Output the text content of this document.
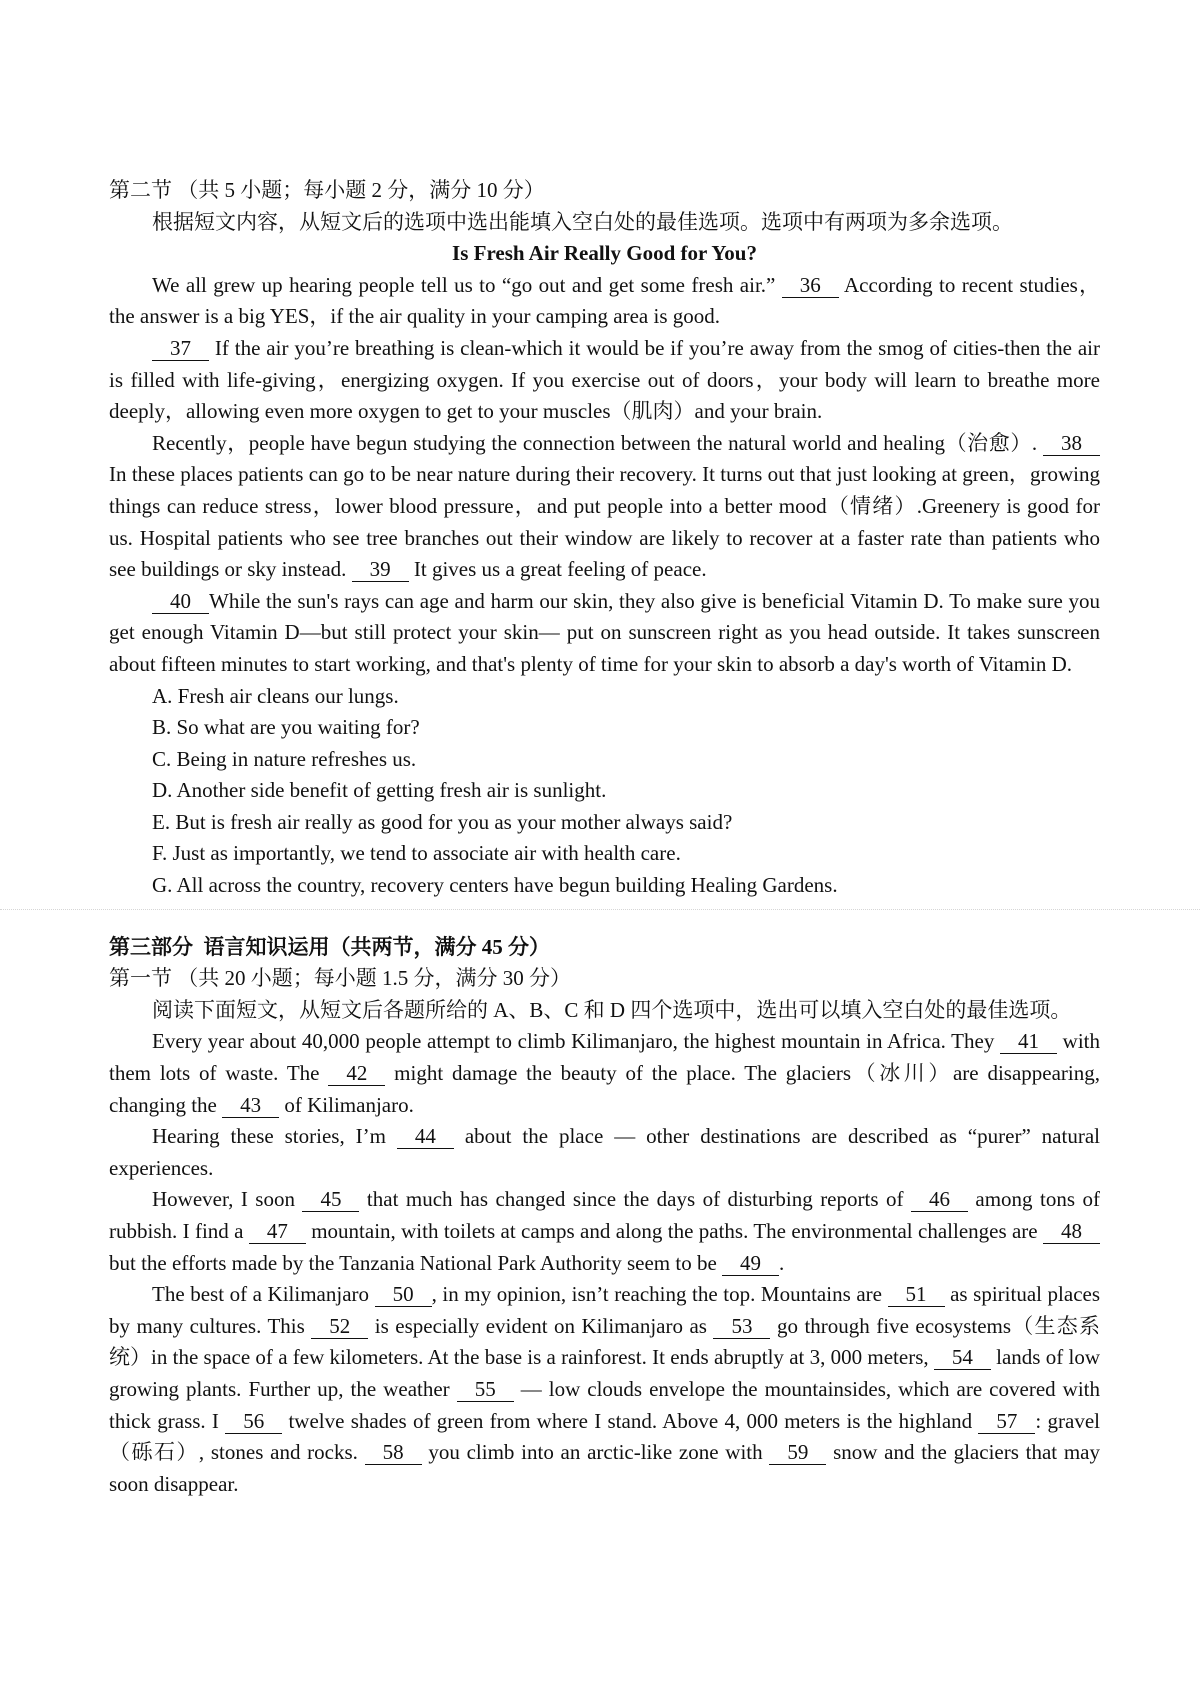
第二节 （共 5 小题；每小题 2 分，满分 10 分）
根据短文内容，从短文后的选项中选出能填入空白处的最佳选项。选项中有两项为多余选项。
Is Fresh Air Really Good for You?

We all grew up hearing people tell us to “go out and get some fresh air.” 36 According to recent studies，the answer is a big YES，if the air quality in your camping area is good.

37 If the air you’re breathing is clean-which it would be if you’re away from the smog of cities-then the air is filled with life-giving，energizing oxygen. If you exercise out of doors，your body will learn to breathe more deeply，allowing even more oxygen to get to your muscles（肌肉）and your brain.

Recently，people have begun studying the connection between the natural world and healing（治愈）. 38 In these places patients can go to be near nature during their recovery. It turns out that just looking at green，growing things can reduce stress，lower blood pressure，and put people into a better mood（情绪）.Greenery is good for us. Hospital patients who see tree branches out their window are likely to recover at a faster rate than patients who see buildings or sky instead. 39 It gives us a great feeling of peace.

40 While the sun's rays can age and harm our skin, they also give is beneficial Vitamin D. To make sure you get enough Vitamin D—but still protect your skin— put on sunscreen right as you head outside. It takes sunscreen about fifteen minutes to start working, and that's plenty of time for your skin to absorb a day's worth of Vitamin D.

A. Fresh air cleans our lungs.
B. So what are you waiting for?
C. Being in nature refreshes us.
D. Another side benefit of getting fresh air is sunlight.
E. But is fresh air really as good for you as your mother always said?
F. Just as importantly, we tend to associate air with health care.
G. All across the country, recovery centers have begun building Healing Gardens.
第三部分  语言知识运用（共两节，满分 45 分）
第一节 （共 20 小题；每小题 1.5 分，满分 30 分）
阅读下面短文，从短文后各题所给的 A、B、C 和 D 四个选项中，选出可以填入空白处的最佳选项。

Every year about 40,000 people attempt to climb Kilimanjaro, the highest mountain in Africa. They 41 with them lots of waste. The 42 might damage the beauty of the place. The glaciers（冰川）are disappearing, changing the 43 of Kilimanjaro.

Hearing these stories, I’m 44 about the place — other destinations are described as “purer” natural experiences.

However, I soon 45 that much has changed since the days of disturbing reports of 46 among tons of rubbish. I find a 47 mountain, with toilets at camps and along the paths. The environmental challenges are 48 but the efforts made by the Tanzania National Park Authority seem to be 49 .

The best of a Kilimanjaro 50 , in my opinion, isn’t reaching the top. Mountains are 51 as spiritual places by many cultures. This 52 is especially evident on Kilimanjaro as 53 go through five ecosystems（生态系统）in the space of a few kilometers. At the base is a rainforest. It ends abruptly at 3, 000 meters, 54 lands of low growing plants. Further up, the weather 55 — low clouds envelope the mountainsides, which are covered with thick grass. I 56 twelve shades of green from where I stand. Above 4, 000 meters is the highland 57 : gravel（砾石）, stones and rocks. 58 you climb into an arctic-like zone with 59 snow and the glaciers that may soon disappear.
